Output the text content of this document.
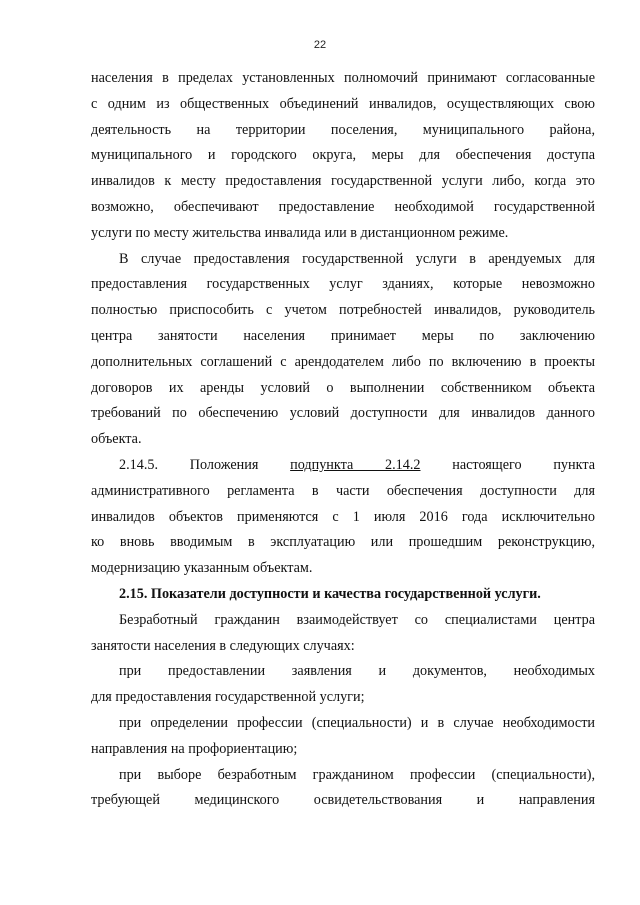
22
населения в пределах установленных полномочий принимают согласованные
с одним из общественных объединений инвалидов, осуществляющих свою
деятельность на территории поселения, муниципального района,
муниципального и городского округа, меры для обеспечения доступа
инвалидов к месту предоставления государственной услуги либо, когда это
возможно, обеспечивают предоставление необходимой государственной
услуги по месту жительства инвалида или в дистанционном режиме.
В случае предоставления государственной услуги в арендуемых для
предоставления государственных услуг зданиях, которые невозможно
полностью приспособить с учетом потребностей инвалидов, руководитель
центра занятости населения принимает меры по заключению
дополнительных соглашений с арендодателем либо по включению в проекты
договоров их аренды условий о выполнении собственником объекта
требований по обеспечению условий доступности для инвалидов данного
объекта.
2.14.5. Положения подпункта 2.14.2 настоящего пункта
административного регламента в части обеспечения доступности для
инвалидов объектов применяются с 1 июля 2016 года исключительно
ко вновь вводимым в эксплуатацию или прошедшим реконструкцию,
модернизацию указанным объектам.
2.15. Показатели доступности и качества государственной услуги.
Безработный гражданин взаимодействует со специалистами центра
занятости населения в следующих случаях:
при предоставлении заявления и документов, необходимых
для предоставления государственной услуги;
при определении профессии (специальности) и в случае необходимости
направления на профориентацию;
при выборе безработным гражданином профессии (специальности),
требующей медицинского освидетельствования и направления
